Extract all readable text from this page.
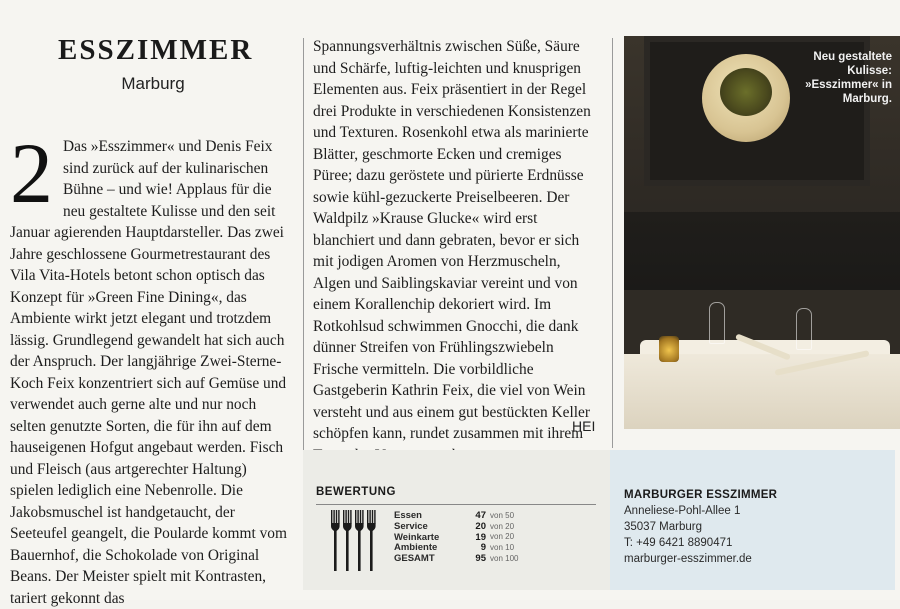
ESSZIMMER
Marburg
2 Das »Esszimmer« und Denis Feix sind zurück auf der kulinarischen Bühne – und wie! Applaus für die neu gestaltete Kulisse und den seit Januar agierenden Hauptdarsteller. Das zwei Jahre geschlossene Gourmetrestaurant des Vila Vita-Hotels betont schon optisch das Konzept für »Green Fine Dining«, das Ambiente wirkt jetzt elegant und trotzdem lässig. Grundlegend gewandelt hat sich auch der Anspruch. Der langjährige Zwei-Sterne-Koch Feix konzentriert sich auf Gemüse und verwendet auch gerne alte und nur noch selten genutzte Sorten, die für ihn auf dem hauseigenen Hofgut angebaut werden. Fisch und Fleisch (aus artgerechter Haltung) spielen lediglich eine Nebenrolle. Die Jakobsmuschel ist handgetaucht, der Seeteufel geangelt, die Poularde kommt vom Bauernhof, die Schokolade von Original Beans. Der Meister spielt mit Kontrasten, tariert gekonnt das
Spannungsverhältnis zwischen Süße, Säure und Schärfe, luftig-leichten und knusprigen Elementen aus. Feix präsentiert in der Regel drei Produkte in verschiedenen Konsistenzen und Texturen. Rosenkohl etwa als marinierte Blätter, geschmorte Ecken und cremiges Püree; dazu geröstete und pürierte Erdnüsse sowie kühl-gezuckerte Preiselbeeren. Der Waldpilz »Krause Glucke« wird erst blanchiert und dann gebraten, bevor er sich mit jodigen Aromen von Herzmuscheln, Algen und Saiblingskaviar vereint und von einem Korallenchip dekoriert wird. Im Rotkohlsud schwimmen Gnocchi, die dank dünner Streifen von Frühlingszwiebeln Frische vermitteln. Die vorbildliche Gastgeberin Kathrin Feix, die viel von Wein versteht und aus einem gut bestückten Keller schöpfen kann, rundet zusammen mit ihrem
HEI
Neu gestaltete Kulisse: »Esszimmer« in Marburg.
BEWERTUNG
Essen	47 von 50
Service	20 von 20
Weinkarte	19 von 20
Ambiente	9 von 10
GESAMT	95 von 100
MARBURGER ESSZIMMER
Anneliese-Pohl-Allee 1
35037 Marburg
T: +49 6421 8890471
marburger-esszimmer.de
